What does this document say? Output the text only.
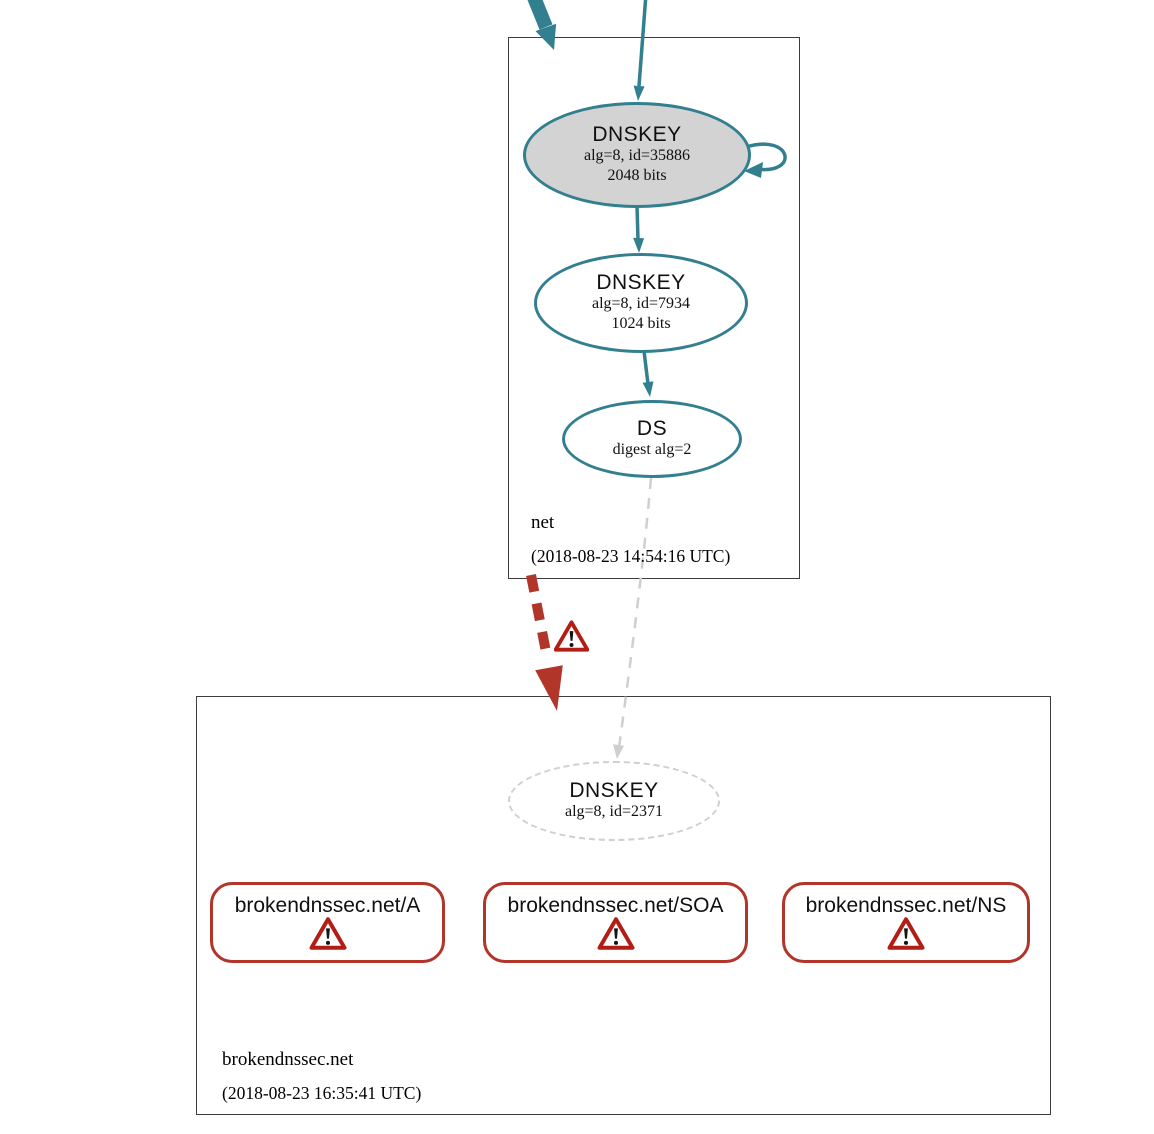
DNSKEY
alg=8, id=35886
2048 bits
DNSKEY
alg=8, id=7934
1024 bits
DS
digest alg=2
net
(2018-08-23 14:54:16 UTC)
DNSKEY
alg=8, id=2371
brokendnssec.net/A	brokendnssec.net/SOA	brokendnssec.net/NS
brokendnssec.net
(2018-08-23 16:35:41 UTC)
